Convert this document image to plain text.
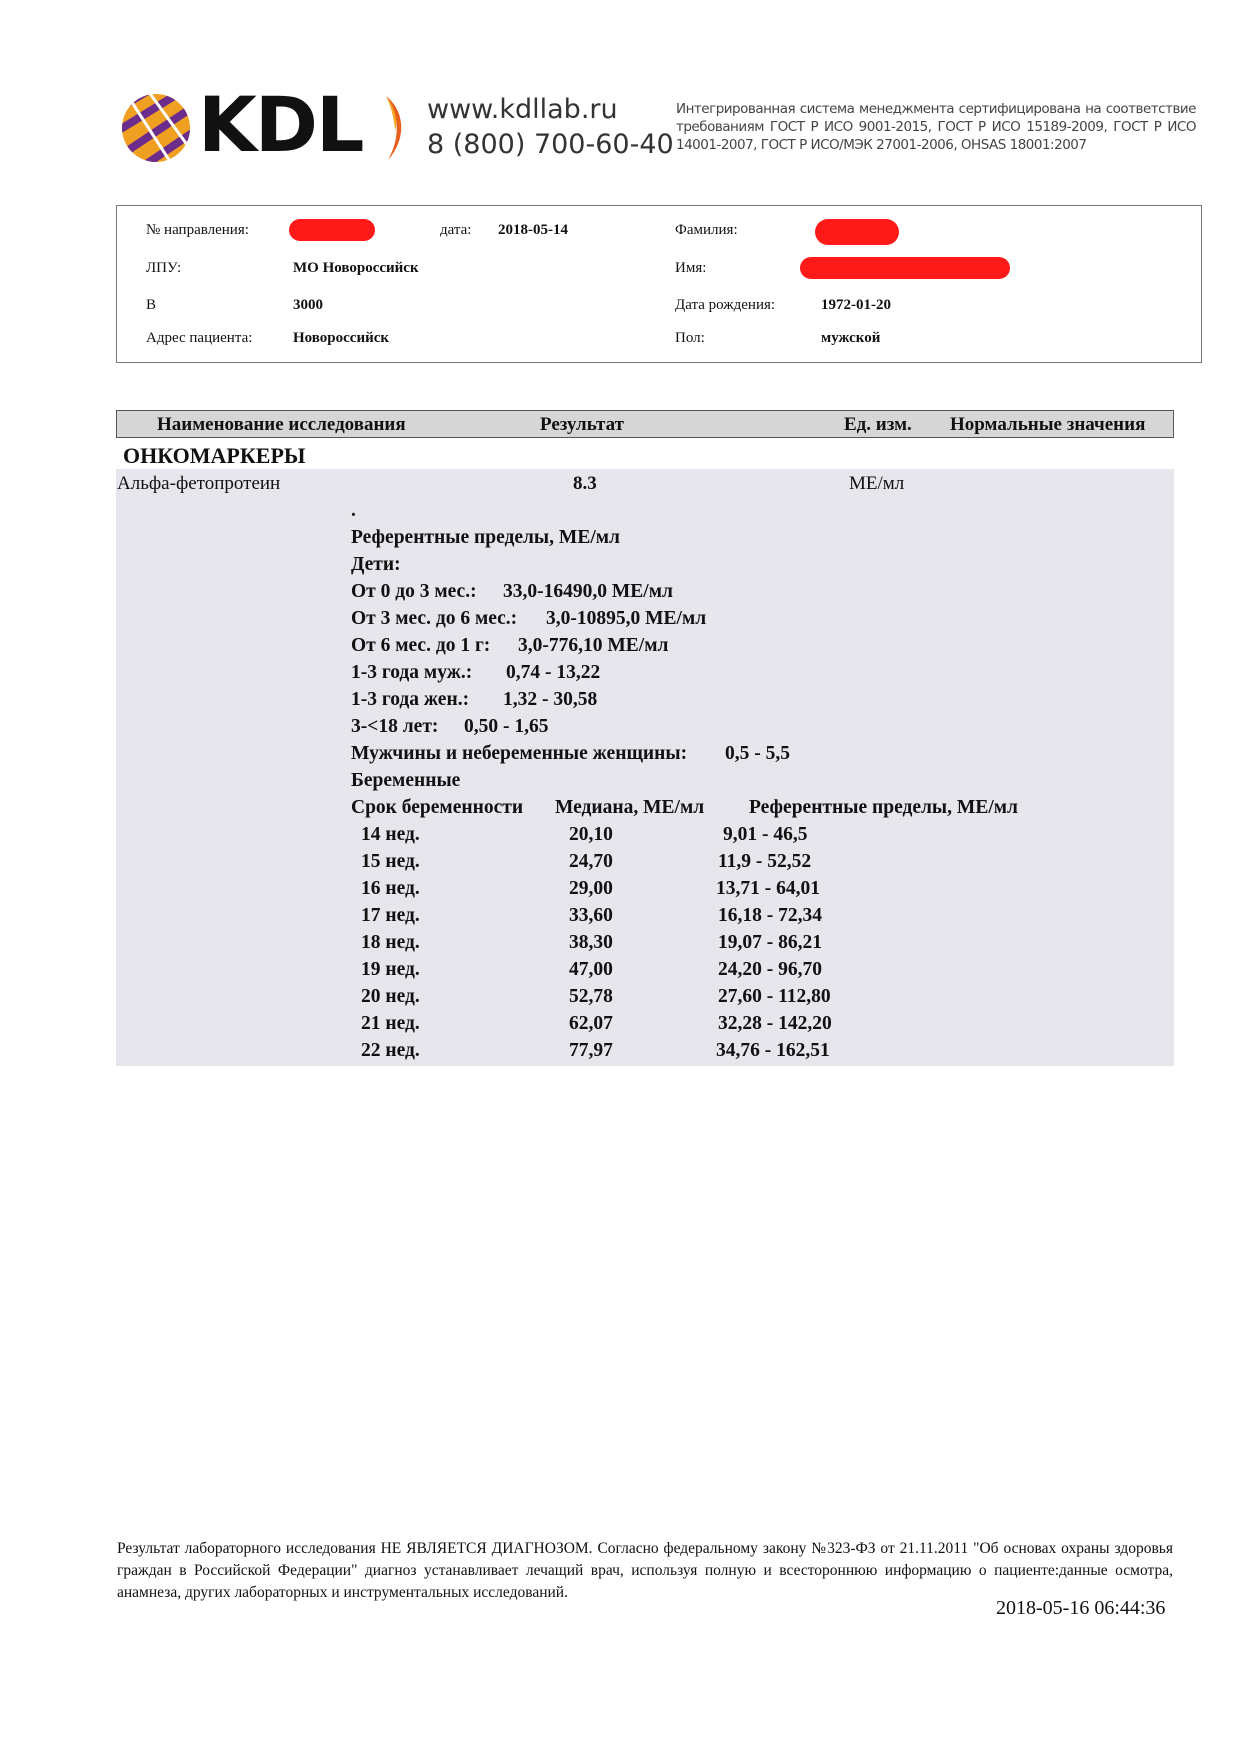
KDL www.kdllab.ru
8 (800) 700-60-40
Интегрированная система менеджмента сертифицирована на соответствие требованиям ГОСТ Р ИСО 9001-2015, ГОСТ Р ИСО 15189-2009, ГОСТ Р ИСО 14001-2007, ГОСТ Р ИСО/МЭК 27001-2006, OHSAS 18001:2007
№ направления:	дата: 2018-05-14	Фамилия:
ЛПУ:	МО Новороссийск	Имя:
В	3000	Дата рождения:	1972-01-20
Адрес пациента:	Новороссийск	Пол:	мужской
Наименование исследования	Результат	Ед. изм. Нормальные значения
ОНКОМАРКЕРЫ
Альфа-фетопротеин	8.3	МЕ/мл
.
Референтные пределы, МЕ/мл
Дети:
От 0 до 3 мес.: 33,0-16490,0 МЕ/мл
От 3 мес. до 6 мес.: 3,0-10895,0 МЕ/мл
От 6 мес. до 1 г: 3,0-776,10 МЕ/мл
1-3 года муж.: 0,74 - 13,22
1-3 года жен.: 1,32 - 30,58
3-<18 лет: 0,50 - 1,65
Мужчины и небеременные женщины: 0,5 - 5,5
Беременные
Срок беременности Медиана, МЕ/мл Референтные пределы, МЕ/мл
14 нед.	20,10	9,01 - 46,5
15 нед.	24,70	11,9 - 52,52
16 нед.	29,00	13,71 - 64,01
17 нед.	33,60	16,18 - 72,34
18 нед.	38,30	19,07 - 86,21
19 нед.	47,00	24,20 - 96,70
20 нед.	52,78	27,60 - 112,80
21 нед.	62,07	32,28 - 142,20
22 нед.	77,97	34,76 - 162,51
Результат лабораторного исследования НЕ ЯВЛЯЕТСЯ ДИАГНОЗОМ. Согласно федеральному закону №323-ФЗ от 21.11.2011 "Об основах охраны здоровья граждан в Российской Федерации" диагноз устанавливает лечащий врач, используя полную и всестороннюю информацию о пациенте:данные осмотра, анамнеза, других лабораторных и инструментальных исследований.
2018-05-16 06:44:36
